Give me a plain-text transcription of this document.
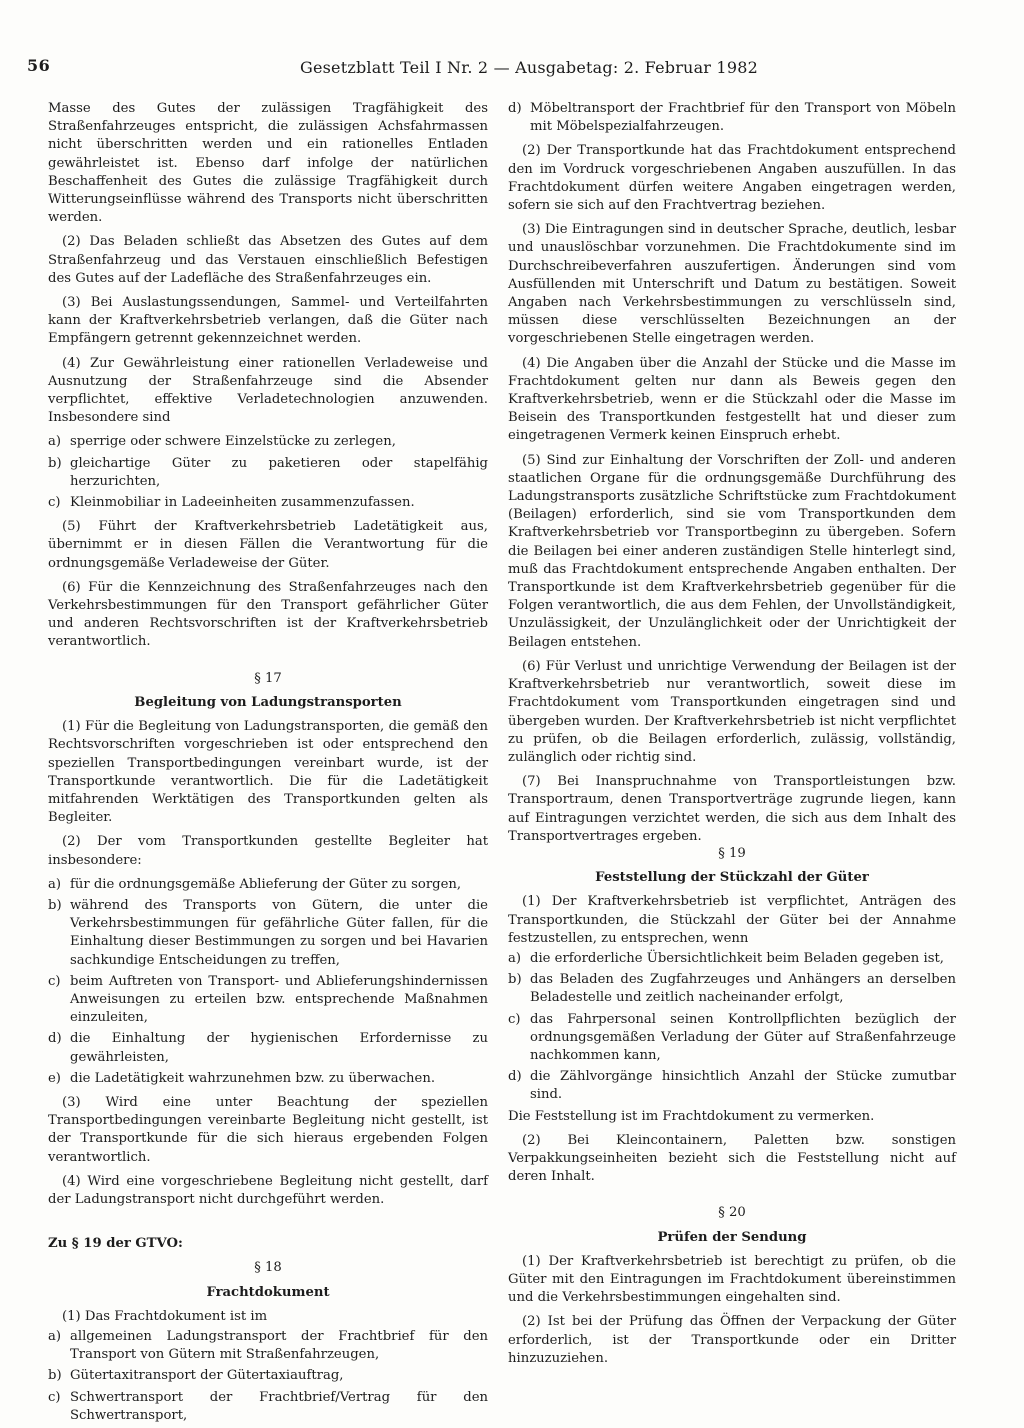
56	Gesetzblatt Teil I Nr. 2 — Ausgabetag: 2. Februar 1982

Masse des Gutes der zulässigen Tragfähigkeit des Straßenfahrzeuges entspricht, die zulässigen Achsfahrmassen nicht überschritten werden und ein rationelles Entladen gewährleistet ist. Ebenso darf infolge der natürlichen Beschaffenheit des Gutes die zulässige Tragfähigkeit durch Witterungseinflüsse während des Transports nicht überschritten werden.

(2) Das Beladen schließt das Absetzen des Gutes auf dem Straßenfahrzeug und das Verstauen einschließlich Befestigen des Gutes auf der Ladefläche des Straßenfahrzeuges ein.

(3) Bei Auslastungssendungen, Sammel- und Verteilfahrten kann der Kraftverkehrsbetrieb verlangen, daß die Güter nach Empfängern getrennt gekennzeichnet werden.

(4) Zur Gewährleistung einer rationellen Verladeweise und Ausnutzung der Straßenfahrzeuge sind die Absender verpflichtet, effektive Verladetechnologien anzuwenden. Insbesondere sind

a) sperrige oder schwere Einzelstücke zu zerlegen,
b) gleichartige Güter zu paketieren oder stapelfähig herzurichten,
c) Kleinmobiliar in Ladeeinheiten zusammenzufassen.

(5) Führt der Kraftverkehrsbetrieb Ladetätigkeit aus, übernimmt er in diesen Fällen die Verantwortung für die ordnungsgemäße Verladeweise der Güter.

(6) Für die Kennzeichnung des Straßenfahrzeuges nach den Verkehrsbestimmungen für den Transport gefährlicher Güter und anderen Rechtsvorschriften ist der Kraftverkehrsbetrieb verantwortlich.

§ 17
Begleitung von Ladungstransporten

(1) Für die Begleitung von Ladungstransporten, die gemäß den Rechtsvorschriften vorgeschrieben ist oder entsprechend den speziellen Transportbedingungen vereinbart wurde, ist der Transportkunde verantwortlich. Die für die Ladetätigkeit mitfahrenden Werktätigen des Transportkunden gelten als Begleiter.

(2) Der vom Transportkunden gestellte Begleiter hat insbesondere:

a) für die ordnungsgemäße Ablieferung der Güter zu sorgen,
b) während des Transports von Gütern, die unter die Verkehrsbestimmungen für gefährliche Güter fallen, für die Einhaltung dieser Bestimmungen zu sorgen und bei Havarien sachkundige Entscheidungen zu treffen,
c) beim Auftreten von Transport- und Ablieferungshindernissen Anweisungen zu erteilen bzw. entsprechende Maßnahmen einzuleiten,
d) die Einhaltung der hygienischen Erfordernisse zu gewährleisten,
e) die Ladetätigkeit wahrzunehmen bzw. zu überwachen.

(3) Wird eine unter Beachtung der speziellen Transportbedingungen vereinbarte Begleitung nicht gestellt, ist der Transportkunde für die sich hieraus ergebenden Folgen verantwortlich.

(4) Wird eine vorgeschriebene Begleitung nicht gestellt, darf der Ladungstransport nicht durchgeführt werden.

Zu § 19 der GTVO:
§ 18
Frachtdokument

(1) Das Frachtdokument ist im

a) allgemeinen Ladungstransport der Frachtbrief für den Transport von Gütern mit Straßenfahrzeugen,
b) Gütertaxitransport der Gütertaxiauftrag,
c) Schwertransport der Frachtbrief/Vertrag für den Schwertransport,
d) Möbeltransport der Frachtbrief für den Transport von Möbeln mit Möbelspezialfahrzeugen.

(2) Der Transportkunde hat das Frachtdokument entsprechend den im Vordruck vorgeschriebenen Angaben auszufüllen. In das Frachtdokument dürfen weitere Angaben eingetragen werden, sofern sie sich auf den Frachtvertrag beziehen.

(3) Die Eintragungen sind in deutscher Sprache, deutlich, lesbar und unauslöschbar vorzunehmen. Die Frachtdokumente sind im Durchschreibeverfahren auszufertigen. Änderungen sind vom Ausfüllenden mit Unterschrift und Datum zu bestätigen. Soweit Angaben nach Verkehrsbestimmungen zu verschlüsseln sind, müssen diese verschlüsselten Bezeichnungen an der vorgeschriebenen Stelle eingetragen werden.

(4) Die Angaben über die Anzahl der Stücke und die Masse im Frachtdokument gelten nur dann als Beweis gegen den Kraftverkehrsbetrieb, wenn er die Stückzahl oder die Masse im Beisein des Transportkunden festgestellt hat und dieser zum eingetragenen Vermerk keinen Einspruch erhebt.

(5) Sind zur Einhaltung der Vorschriften der Zoll- und anderen staatlichen Organe für die ordnungsgemäße Durchführung des Ladungstransports zusätzliche Schriftstücke zum Frachtdokument (Beilagen) erforderlich, sind sie vom Transportkunden dem Kraftverkehrsbetrieb vor Transportbeginn zu übergeben. Sofern die Beilagen bei einer anderen zuständigen Stelle hinterlegt sind, muß das Frachtdokument entsprechende Angaben enthalten. Der Transportkunde ist dem Kraftverkehrsbetrieb gegenüber für die Folgen verantwortlich, die aus dem Fehlen, der Unvollständigkeit, Unzulässigkeit, der Unzulänglichkeit oder der Unrichtigkeit der Beilagen entstehen.

(6) Für Verlust und unrichtige Verwendung der Beilagen ist der Kraftverkehrsbetrieb nur verantwortlich, soweit diese im Frachtdokument vom Transportkunden eingetragen sind und übergeben wurden. Der Kraftverkehrsbetrieb ist nicht verpflichtet zu prüfen, ob die Beilagen erforderlich, zulässig, vollständig, zulänglich oder richtig sind.

(7) Bei Inanspruchnahme von Transportleistungen bzw. Transportraum, denen Transportverträge zugrunde liegen, kann auf Eintragungen verzichtet werden, die sich aus dem Inhalt des Transportvertrages ergeben.

§ 19
Feststellung der Stückzahl der Güter

(1) Der Kraftverkehrsbetrieb ist verpflichtet, Anträgen des Transportkunden, die Stückzahl der Güter bei der Annahme festzustellen, zu entsprechen, wenn

a) die erforderliche Übersichtlichkeit beim Beladen gegeben ist,
b) das Beladen des Zugfahrzeuges und Anhängers an derselben Beladestelle und zeitlich nacheinander erfolgt,
c) das Fahrpersonal seinen Kontrollpflichten bezüglich der ordnungsgemäßen Verladung der Güter auf Straßenfahrzeuge nachkommen kann,
d) die Zählvorgänge hinsichtlich Anzahl der Stücke zumutbar sind.

Die Feststellung ist im Frachtdokument zu vermerken.

(2) Bei Kleincontainern, Paletten bzw. sonstigen Verpakkungseinheiten bezieht sich die Feststellung nicht auf deren Inhalt.

§ 20
Prüfen der Sendung

(1) Der Kraftverkehrsbetrieb ist berechtigt zu prüfen, ob die Güter mit den Eintragungen im Frachtdokument übereinstimmen und die Verkehrsbestimmungen eingehalten sind.

(2) Ist bei der Prüfung das Öffnen der Verpackung der Güter erforderlich, ist der Transportkunde oder ein Dritter hinzuzuziehen.
